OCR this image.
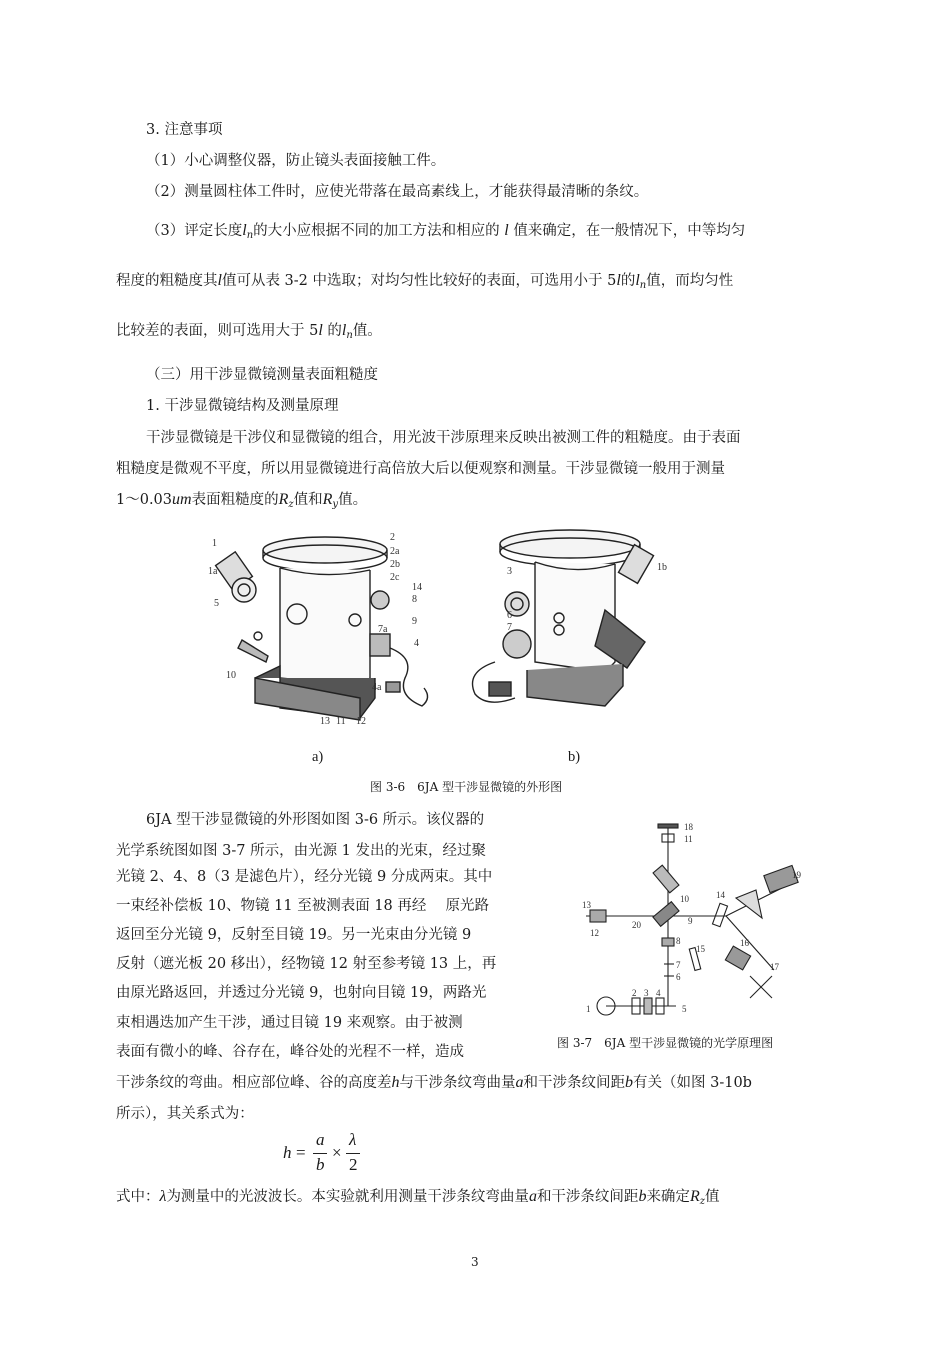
3. 注意事项
（1）小心调整仪器，防止镜头表面接触工件。
（2）测量圆柱体工件时，应使光带落在最高素线上，才能获得最清晰的条纹。
（3）评定长度$l_n$的大小应根据不同的加工方法和相应的 l 值来确定，在一般情况下，中等均匀
程度的粗糙度其l值可从表 3-2 中选取；对均匀性比较好的表面，可选用小于 5l的$l_n$值，而均匀性
比较差的表面，则可选用大于 5l 的$l_n$值。
（三）用干涉显微镜测量表面粗糙度
1. 干涉显微镜结构及测量原理
干涉显微镜是干涉仪和显微镜的组合，用光波干涉原理来反映出被测工件的粗糙度。由于表面
粗糙度是微观不平度，所以用显微镜进行高倍放大后以便观察和测量。干涉显微镜一般用于测量
1～0.03um表面粗糙度的$R_z$值和$R_y$值。
1
1a
5
10
2
2a
2b
2c
14
8
9
7a
4
4a
13 11 12
3	1b
6
7
a)	b)
图 3-6　6JA 型干涉显微镜的外形图
6JA 型干涉显微镜的外形图如图 3-6 所示。该仪器的
光学系统图如图 3-7 所示，由光源 1 发出的光束，经过聚
光镜 2、4、8（3 是滤色片），经分光镜 9 分成两束。其中
一束经补偿板 10、物镜 11 至被测表面 18 再经　 原光路
返回至分光镜 9，反射至目镜 19。另一光束由分光镜 9
反射（遮光板 20 移出），经物镜 12 射至参考镜 13 上，再
由原光路返回，并透过分光镜 9，也射向目镜 19，两路光
束相遇迭加产生干涉，通过目镜 19 来观察。由于被测
表面有微小的峰、谷存在，峰谷处的光程不一样，造成
18
11
10	14
19
13
12
20
8
15
16
17
7
6
5
1
2 3 4
9
图 3-7　6JA 型干涉显微镜的光学原理图
干涉条纹的弯曲。相应部位峰、谷的高度差h与干涉条纹弯曲量a和干涉条纹间距b有关（如图 3-10b
所示），其关系式为：
h =
a
b
×
λ
2
式中：λ为测量中的光波波长。本实验就利用测量干涉条纹弯曲量a和干涉条纹间距b来确定$R_z$值
3
